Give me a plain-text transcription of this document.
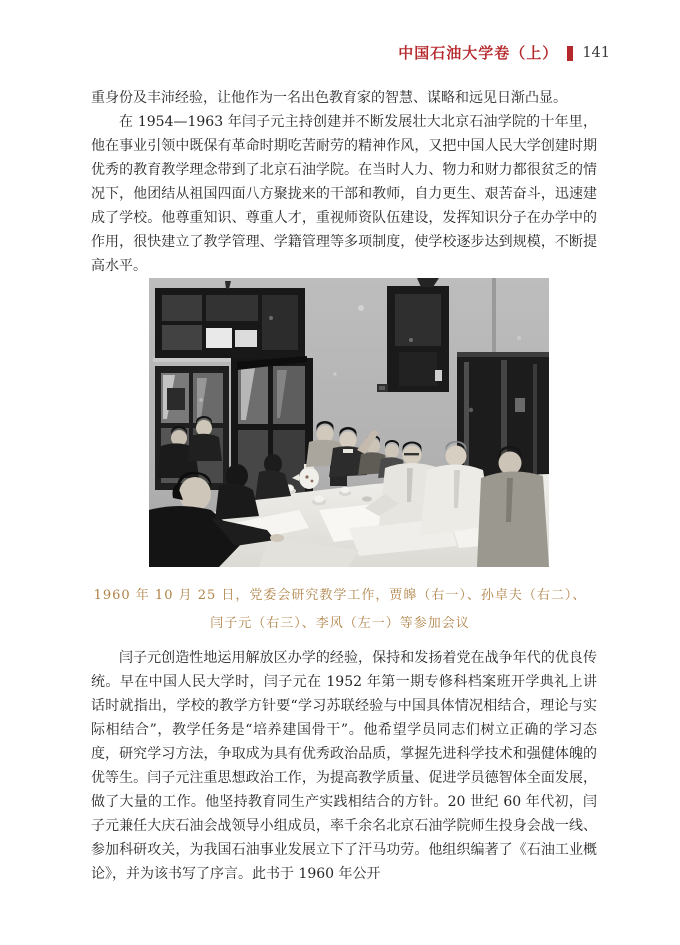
中国石油大学卷（上） 141

重身份及丰沛经验，让他作为一名出色教育家的智慧、谋略和远见日渐凸显。

在 1954—1963 年闫子元主持创建并不断发展壮大北京石油学院的十年里，他在事业引领中既保有革命时期吃苦耐劳的精神作风，又把中国人民大学创建时期优秀的教育教学理念带到了北京石油学院。在当时人力、物力和财力都很贫乏的情况下，他团结从祖国四面八方聚拢来的干部和教师，自力更生、艰苦奋斗，迅速建成了学校。他尊重知识、尊重人才，重视师资队伍建设，发挥知识分子在办学中的作用，很快建立了教学管理、学籍管理等多项制度，使学校逐步达到规模，不断提高水平。

1960 年 10 月 25 日，党委会研究教学工作，贾皞（右一）、孙卓夫（右二）、
闫子元（右三）、李风（左一）等参加会议

闫子元创造性地运用解放区办学的经验，保持和发扬着党在战争年代的优良传统。早在中国人民大学时，闫子元在 1952 年第一期专修科档案班开学典礼上讲话时就指出，学校的教学方针要“学习苏联经验与中国具体情况相结合，理论与实际相结合”，教学任务是“培养建国骨干”。他希望学员同志们树立正确的学习态度，研究学习方法，争取成为具有优秀政治品质，掌握先进科学技术和强健体魄的优等生。闫子元注重思想政治工作，为提高教学质量、促进学员德智体全面发展，做了大量的工作。他坚持教育同生产实践相结合的方针。20 世纪 60 年代初，闫子元兼任大庆石油会战领导小组成员，率千余名北京石油学院师生投身会战一线、参加科研攻关，为我国石油事业发展立下了汗马功劳。他组织编著了《石油工业概论》，并为该书写了序言。此书于 1960 年公开
